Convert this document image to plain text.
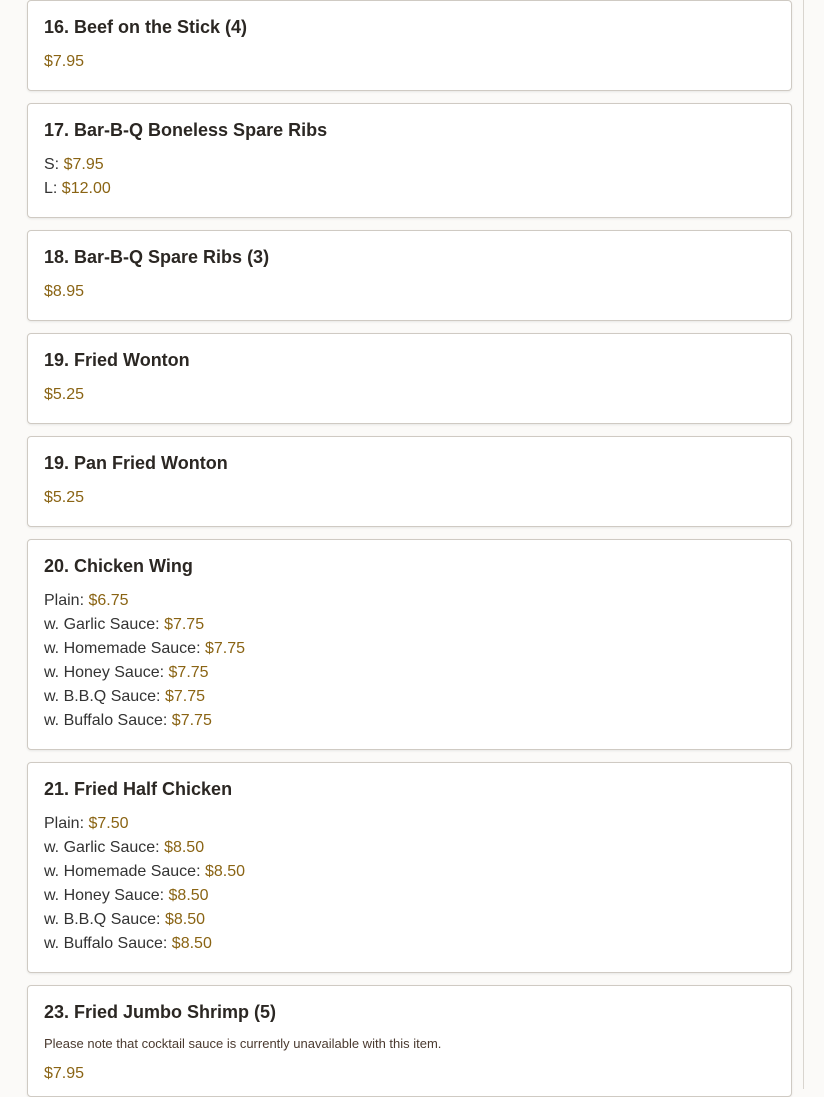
16. Beef on the Stick (4)
$7.95
17. Bar-B-Q Boneless Spare Ribs
S: $7.95
L: $12.00
18. Bar-B-Q Spare Ribs (3)
$8.95
19. Fried Wonton
$5.25
19. Pan Fried Wonton
$5.25
20. Chicken Wing
Plain: $6.75
w. Garlic Sauce: $7.75
w. Homemade Sauce: $7.75
w. Honey Sauce: $7.75
w. B.B.Q Sauce: $7.75
w. Buffalo Sauce: $7.75
21. Fried Half Chicken
Plain: $7.50
w. Garlic Sauce: $8.50
w. Homemade Sauce: $8.50
w. Honey Sauce: $8.50
w. B.B.Q Sauce: $8.50
w. Buffalo Sauce: $8.50
23. Fried Jumbo Shrimp (5)
Please note that cocktail sauce is currently unavailable with this item.
$7.95
